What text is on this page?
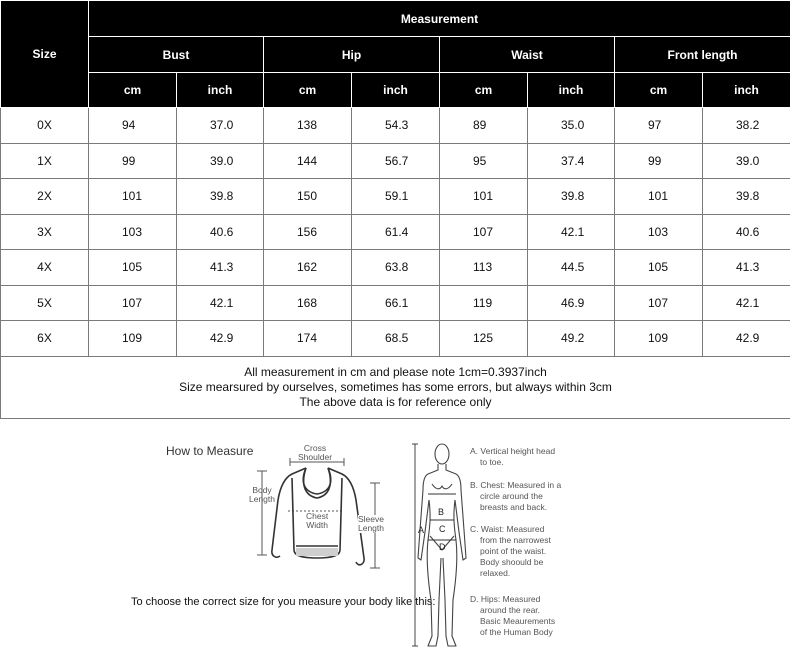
Size	Measurement							
	Bust		Hip		Waist		Front length	
	cm	inch	cm	inch	cm	inch	cm	inch
0X	94	37.0	138	54.3	89	35.0	97	38.2
1X	99	39.0	144	56.7	95	37.4	99	39.0
2X	101	39.8	150	59.1	101	39.8	101	39.8
3X	103	40.6	156	61.4	107	42.1	103	40.6
4X	105	41.3	162	63.8	113	44.5	105	41.3
5X	107	42.1	168	66.1	119	46.9	107	42.1
6X	109	42.9	174	68.5	125	49.2	109	42.9

All measurement in cm and please note 1cm=0.3937inch
Size mearsured by ourselves, sometimes has some errors, but always within 3cm
The above data is for reference only								
How to Measure	Cross
Shoulder
Body
Length
Chest
Width
Sleeve
Length
To choose the correct size for you measure your body like this:
B
C
D
A
A. Vertical height head
to toe.
B. Chest: Measured in a
circle around the
breasts and back.
C. Waist: Measured
from the narrowest
point of the waist.
Body shoould be
relaxed.
D. Hips: Measured
around the rear.
Basic Meaurements
of the Human Body
